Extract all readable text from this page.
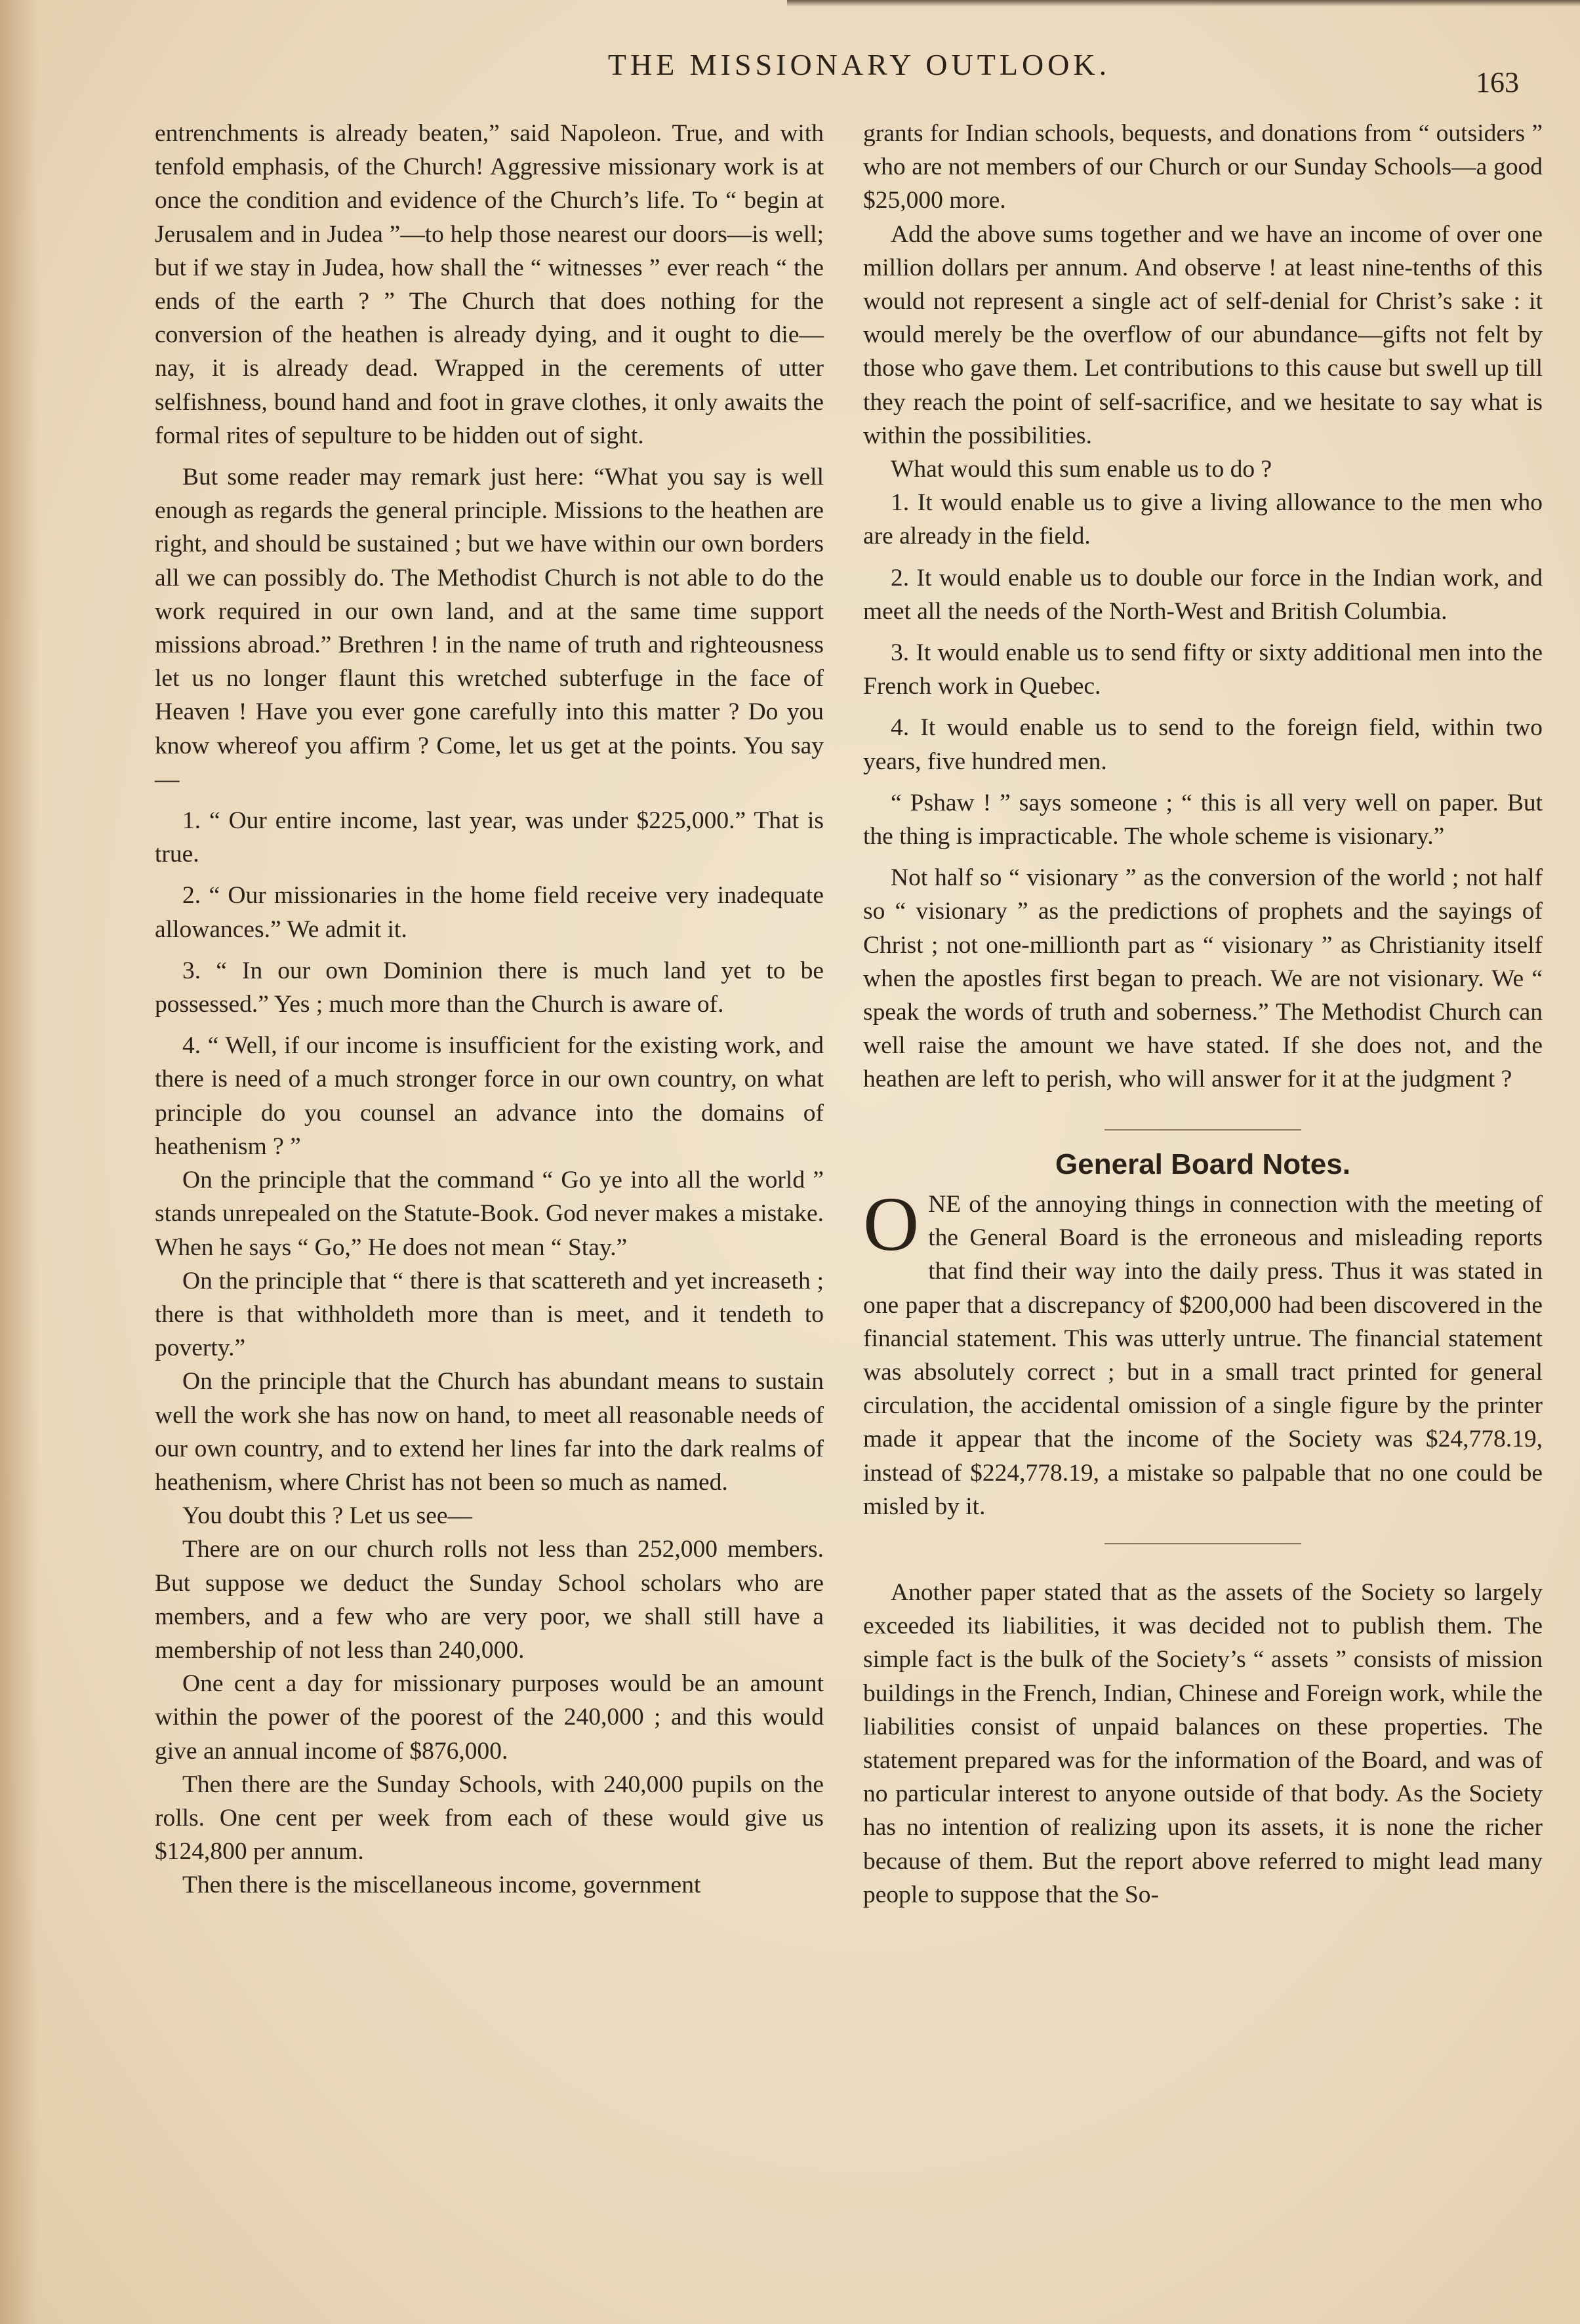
THE MISSIONARY OUTLOOK.
163

entrenchments is already beaten,” said Napoleon. True, and with tenfold emphasis, of the Church! Aggressive missionary work is at once the condition and evidence of the Church’s life. To “ begin at Jerusalem and in Judea ”—to help those nearest our doors—is well; but if we stay in Judea, how shall the “ witnesses ” ever reach “ the ends of the earth ? ” The Church that does nothing for the conversion of the heathen is already dying, and it ought to die—nay, it is already dead. Wrapped in the cerements of utter selfishness, bound hand and foot in grave clothes, it only awaits the formal rites of sepulture to be hidden out of sight.

But some reader may remark just here: “What you say is well enough as regards the general principle. Missions to the heathen are right, and should be sustained ; but we have within our own borders all we can possibly do. The Methodist Church is not able to do the work required in our own land, and at the same time support missions abroad.” Brethren ! in the name of truth and righteousness let us no longer flaunt this wretched subterfuge in the face of Heaven ! Have you ever gone carefully into this matter ? Do you know whereof you affirm ? Come, let us get at the points. You say—

1. “ Our entire income, last year, was under $225,000.” That is true.

2. “ Our missionaries in the home field receive very inadequate allowances.” We admit it.

3. “ In our own Dominion there is much land yet to be possessed.” Yes ; much more than the Church is aware of.

4. “ Well, if our income is insufficient for the existing work, and there is need of a much stronger force in our own country, on what principle do you counsel an advance into the domains of heathenism ? ”

On the principle that the command “ Go ye into all the world ” stands unrepealed on the Statute-Book. God never makes a mistake. When he says “ Go,” He does not mean “ Stay.”

On the principle that “ there is that scattereth and yet increaseth ; there is that withholdeth more than is meet, and it tendeth to poverty.”

On the principle that the Church has abundant means to sustain well the work she has now on hand, to meet all reasonable needs of our own country, and to extend her lines far into the dark realms of heathenism, where Christ has not been so much as named.

You doubt this ? Let us see—

There are on our church rolls not less than 252,000 members. But suppose we deduct the Sunday School scholars who are members, and a few who are very poor, we shall still have a membership of not less than 240,000.

One cent a day for missionary purposes would be an amount within the power of the poorest of the 240,000 ; and this would give an annual income of $876,000.

Then there are the Sunday Schools, with 240,000 pupils on the rolls. One cent per week from each of these would give us $124,800 per annum.

Then there is the miscellaneous income, government

grants for Indian schools, bequests, and donations from “ outsiders ” who are not members of our Church or our Sunday Schools—a good $25,000 more.

Add the above sums together and we have an income of over one million dollars per annum. And observe ! at least nine-tenths of this would not represent a single act of self-denial for Christ’s sake : it would merely be the overflow of our abundance—gifts not felt by those who gave them. Let contributions to this cause but swell up till they reach the point of self-sacrifice, and we hesitate to say what is within the possibilities.

What would this sum enable us to do ?

1. It would enable us to give a living allowance to the men who are already in the field.

2. It would enable us to double our force in the Indian work, and meet all the needs of the North-West and British Columbia.

3. It would enable us to send fifty or sixty additional men into the French work in Quebec.

4. It would enable us to send to the foreign field, within two years, five hundred men.

“ Pshaw ! ” says someone ; “ this is all very well on paper. But the thing is impracticable. The whole scheme is visionary.”

Not half so “ visionary ” as the conversion of the world ; not half so “ visionary ” as the predictions of prophets and the sayings of Christ ; not one-millionth part as “ visionary ” as Christianity itself when the apostles first began to preach. We are not visionary. We “ speak the words of truth and soberness.” The Methodist Church can well raise the amount we have stated. If she does not, and the heathen are left to perish, who will answer for it at the judgment ?

General Board Notes.

ONE of the annoying things in connection with the meeting of the General Board is the erroneous and misleading reports that find their way into the daily press. Thus it was stated in one paper that a discrepancy of $200,000 had been discovered in the financial statement. This was utterly untrue. The financial statement was absolutely correct ; but in a small tract printed for general circulation, the accidental omission of a single figure by the printer made it appear that the income of the Society was $24,778.19, instead of $224,778.19, a mistake so palpable that no one could be misled by it.

Another paper stated that as the assets of the Society so largely exceeded its liabilities, it was decided not to publish them. The simple fact is the bulk of the Society’s “ assets ” consists of mission buildings in the French, Indian, Chinese and Foreign work, while the liabilities consist of unpaid balances on these properties. The statement prepared was for the information of the Board, and was of no particular interest to anyone outside of that body. As the Society has no intention of realizing upon its assets, it is none the richer because of them. But the report above referred to might lead many people to suppose that the So-
